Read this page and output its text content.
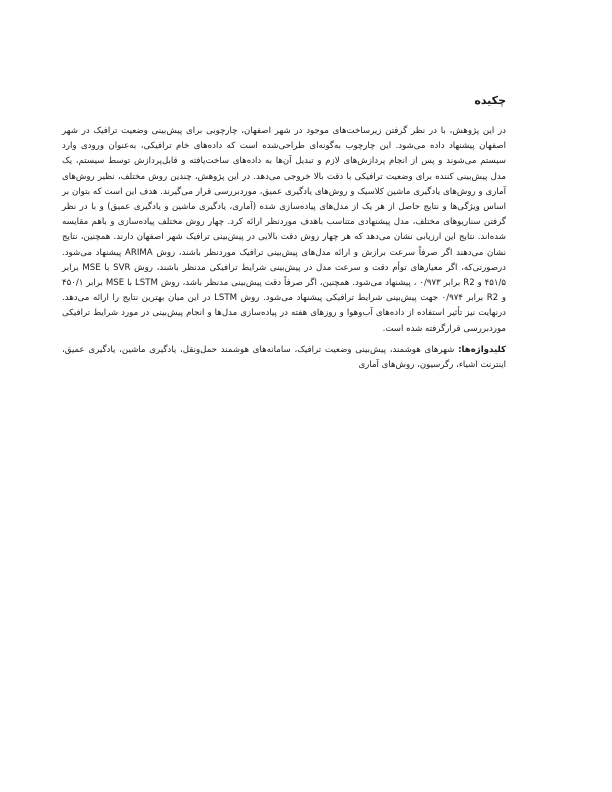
چکیده

در این پژوهش، با در نظر گرفتن زیرساخت‌های موجود در شهر اصفهان، چارچوبی برای پیش‌بینی وضعیت ترافیک در شهر اصفهان پیشنهاد داده می‌شود. این چارچوب به‌گونه‌ای طراحی‌شده است که داده‌های خام ترافیکی، به‌عنوان ورودی وارد سیستم می‌شوند و پس از انجام پردازش‌های لازم و تبدیل آن‌ها به داده‌های ساخت‌یافته و قابل‌پردازش توسط سیستم، یک مدل پیش‌بینی کننده برای وضعیت ترافیکی با دقت بالا خروجی می‌دهد. در این پژوهش، چندین روش مختلف، نظیر روش‌های آماری و روش‌های یادگیری ماشین کلاسیک و روش‌های یادگیری عمیق، موردبررسی قرار می‌گیرند. هدف این است که بتوان بر اساس ویژگی‌ها و نتایج حاصل از هر یک از مدل‌های پیاده‌سازی شده (آماری، یادگیری ماشین و یادگیری عمیق) و با در نظر گرفتن سناریوهای مختلف، مدل پیشنهادی متناسب باهدف موردنظر ارائه کرد. چهار روش مختلف پیاده‌سازی و باهم مقایسه شده‌اند. نتایج این ارزیابی نشان می‌دهد که هر چهار روش دقت بالایی در پیش‌بینی ترافیک شهر اصفهان دارند. همچنین، نتایج نشان می‌دهند اگر صرفاً سرعت برازش و ارائه مدل‌های پیش‌بینی ترافیک موردنظر باشند، روش ARIMA پیشنهاد می‌شود. درصورتی‌که، اگر معیارهای توأم دقت و سرعت مدل در پیش‌بینی شرایط ترافیکی مدنظر باشند، روش SVR با MSE برابر ۴۵۱/۵ و R2 برابر ۰/۹۷۳ ، پیشنهاد می‌شود. همچنین، اگر صرفاً دقت پیش‌بینی مدنظر باشد، روش LSTM با MSE برابر ۴۵۰/۱ و R2 برابر ۰/۹۷۴ جهت پیش‌بینی شرایط ترافیکی پیشنهاد می‌شود. روش LSTM در این میان بهترین نتایج را ارائه می‌دهد. درنهایت نیز تأثیر استفاده از داده‌های آب‌وهوا و روزهای هفته در پیاده‌سازی مدل‌ها و انجام پیش‌بینی در مورد شرایط ترافیکی موردبررسی قرارگرفته شده است.

کلیدواژه‌ها: شهرهای هوشمند، پیش‌بینی وضعیت ترافیک، سامانه‌های هوشمند حمل‌ونقل، یادگیری ماشین، یادگیری عمیق، اینترنت اشیاء، رگرسیون، روش‌های آماری
